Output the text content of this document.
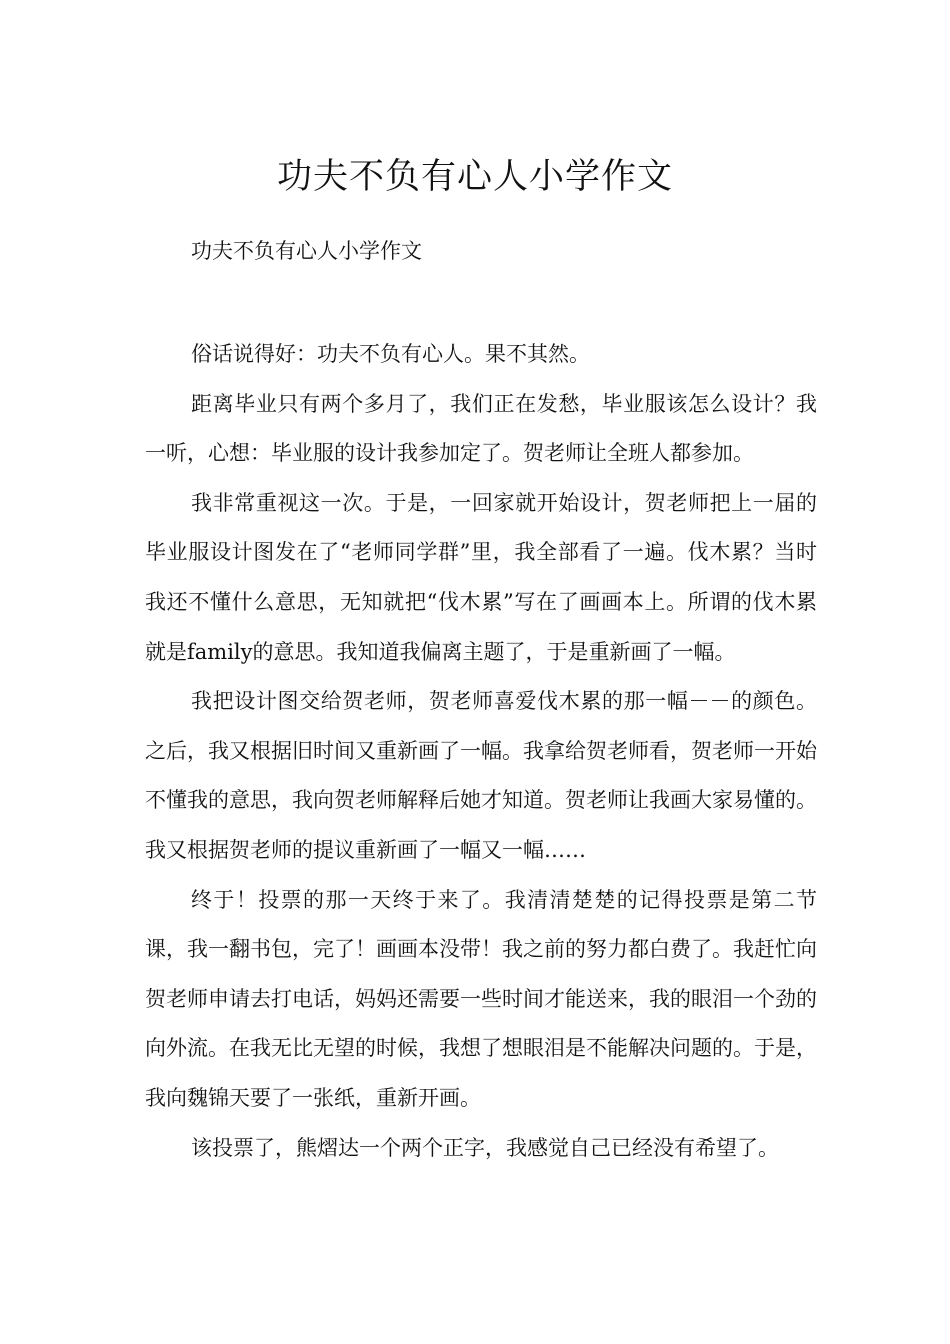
功夫不负有心人小学作文
功夫不负有心人小学作文

俗话说得好：功夫不负有心人。果不其然。

距离毕业只有两个多月了，我们正在发愁，毕业服该怎么设计？我一听，心想：毕业服的设计我参加定了。贺老师让全班人都参加。

我非常重视这一次。于是，一回家就开始设计，贺老师把上一届的毕业服设计图发在了“老师同学群”里，我全部看了一遍。伐木累？当时我还不懂什么意思，无知就把“伐木累”写在了画画本上。所谓的伐木累就是family的意思。我知道我偏离主题了，于是重新画了一幅。

我把设计图交给贺老师，贺老师喜爱伐木累的那一幅－－的颜色。之后，我又根据旧时间又重新画了一幅。我拿给贺老师看，贺老师一开始不懂我的意思，我向贺老师解释后她才知道。贺老师让我画大家易懂的。我又根据贺老师的提议重新画了一幅又一幅……

终于！投票的那一天终于来了。我清清楚楚的记得投票是第二节课，我一翻书包，完了！画画本没带！我之前的努力都白费了。我赶忙向贺老师申请去打电话，妈妈还需要一些时间才能送来，我的眼泪一个劲的向外流。在我无比无望的时候，我想了想眼泪是不能解决问题的。于是，我向魏锦天要了一张纸，重新开画。

该投票了，熊熠达一个两个正字，我感觉自己已经没有希望了。
